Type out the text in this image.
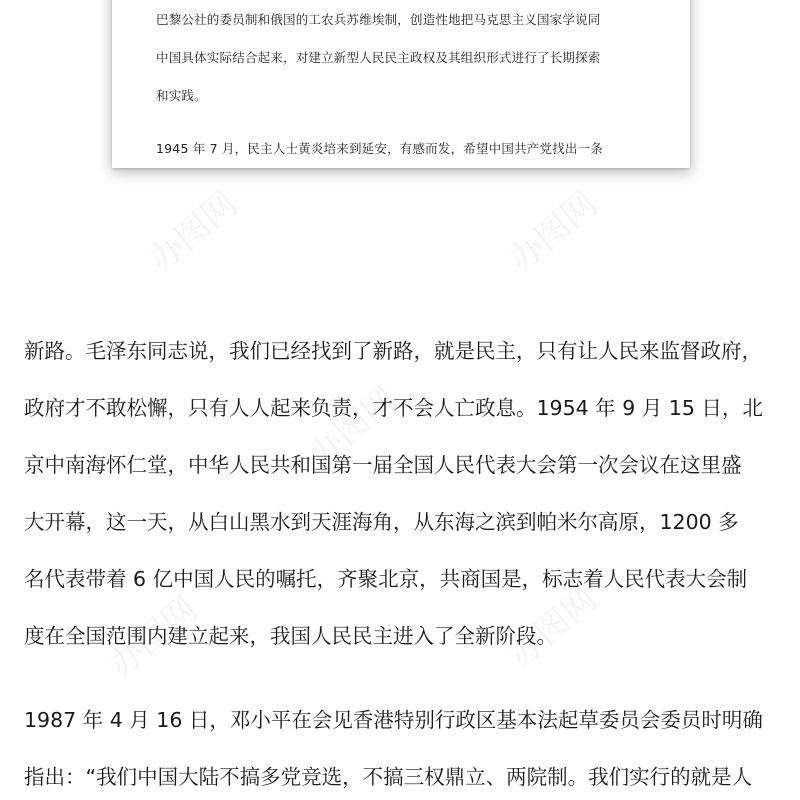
办图网	办图网
办图网
办图网
办图网

巴黎公社的委员制和俄国的工农兵苏维埃制，创造性地把马克思主义国家学说同

中国具体实际结合起来，对建立新型人民民主政权及其组织形式进行了长期探索

和实践。

1945 年 7 月，民主人士黄炎培来到延安，有感而发，希望中国共产党找出一条

新路。毛泽东同志说，我们已经找到了新路，就是民主，只有让人民来监督政府，

政府才不敢松懈，只有人人起来负责，才不会人亡政息。1954 年 9 月 15 日，北

京中南海怀仁堂，中华人民共和国第一届全国人民代表大会第一次会议在这里盛

大开幕，这一天，从白山黑水到天涯海角，从东海之滨到帕米尔高原，1200 多

名代表带着 6 亿中国人民的嘱托，齐聚北京，共商国是，标志着人民代表大会制

度在全国范围内建立起来，我国人民民主进入了全新阶段。

1987 年 4 月 16 日，邓小平在会见香港特别行政区基本法起草委员会委员时明确

指出：“我们中国大陆不搞多党竞选，不搞三权鼎立、两院制。我们实行的就是人
